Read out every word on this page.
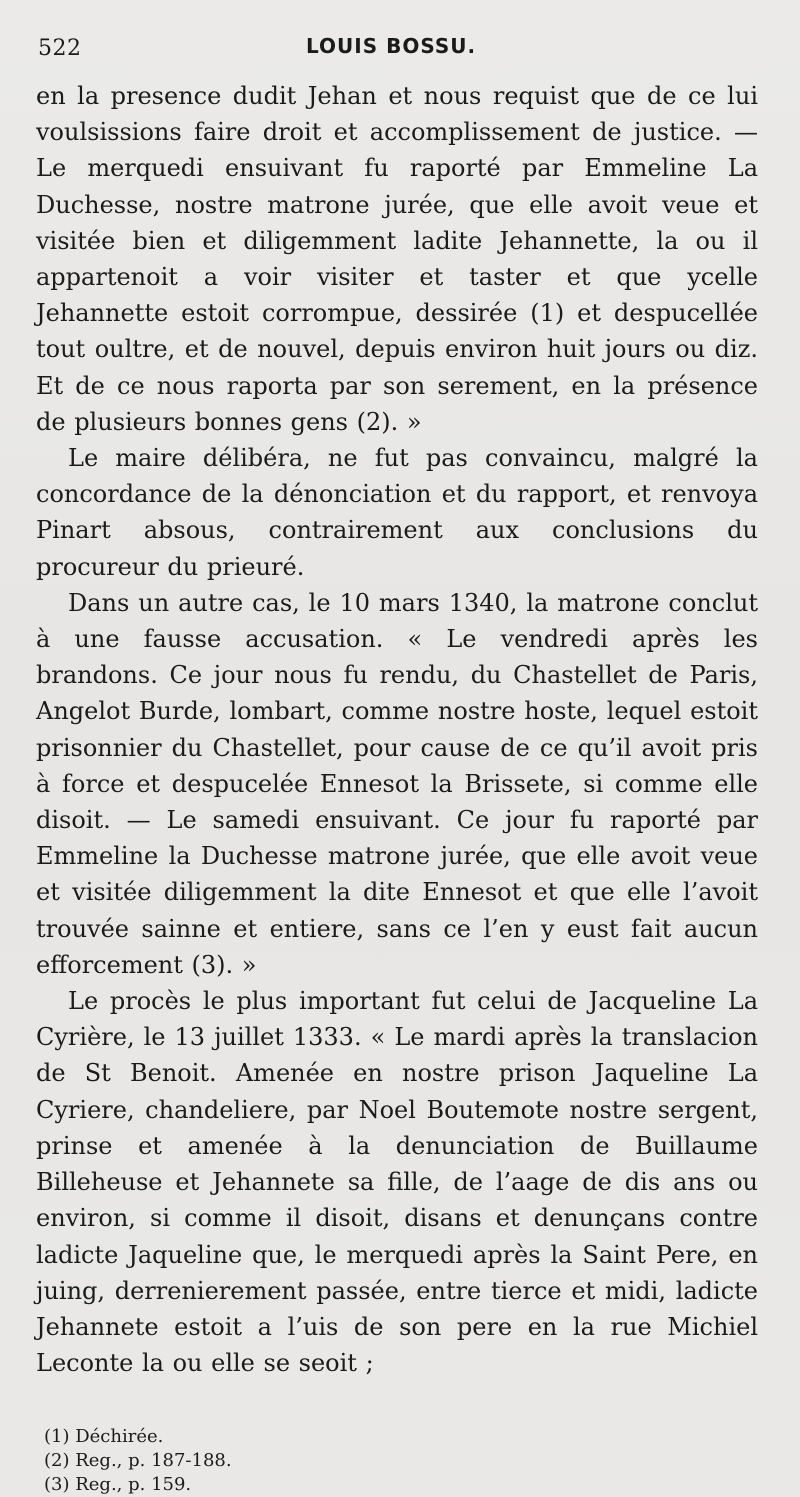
522	LOUIS BOSSU.

en la presence dudit Jehan et nous requist que de ce lui voulsissions faire droit et accomplissement de justice. — Le merquedi ensuivant fu raporté par Emmeline La Duchesse, nostre matrone jurée, que elle avoit veue et visitée bien et diligemment ladite Jehannette, la ou il appartenoit a voir visiter et taster et que ycelle Jehannette estoit corrompue, dessirée (1) et despucellée tout oultre, et de nouvel, depuis environ huit jours ou diz. Et de ce nous raporta par son serement, en la présence de plusieurs bonnes gens (2). »

Le maire délibéra, ne fut pas convaincu, malgré la concordance de la dénonciation et du rapport, et renvoya Pinart absous, contrairement aux conclusions du procureur du prieuré.

Dans un autre cas, le 10 mars 1340, la matrone conclut à une fausse accusation. « Le vendredi après les brandons. Ce jour nous fu rendu, du Chastellet de Paris, Angelot Burde, lombart, comme nostre hoste, lequel estoit prisonnier du Chastellet, pour cause de ce qu’il avoit pris à force et despucelée Ennesot la Brissete, si comme elle disoit. — Le samedi ensuivant. Ce jour fu raporté par Emmeline la Duchesse matrone jurée, que elle avoit veue et visitée diligemment la dite Ennesot et que elle l’avoit trouvée sainne et entiere, sans ce l’en y eust fait aucun efforcement (3). »

Le procès le plus important fut celui de Jacqueline La Cyrière, le 13 juillet 1333. « Le mardi après la translacion de St Benoit. Amenée en nostre prison Jaqueline La Cyriere, chandeliere, par Noel Boutemote nostre sergent, prinse et amenée à la denunciation de Buillaume Billeheuse et Jehannete sa fille, de l’aage de dis ans ou environ, si comme il disoit, disans et denunçans contre ladicte Jaqueline que, le merquedi après la Saint Pere, en juing, derrenierement passée, entre tierce et midi, ladicte Jehannete estoit a l’uis de son pere en la rue Michiel Leconte la ou elle se seoit ;

(1) Déchirée.

(2) Reg., p. 187-188.

(3) Reg., p. 159.
